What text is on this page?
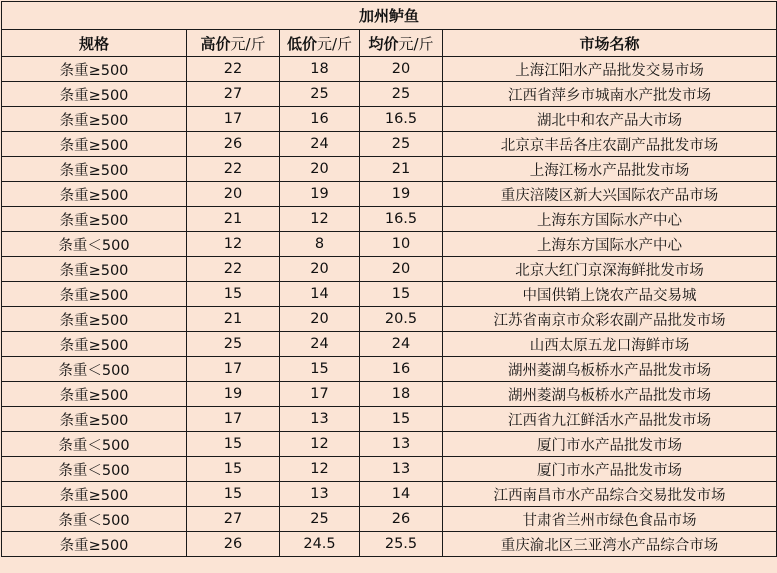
加州鲈鱼				
规格	高价元/斤	低价元/斤	均价元/斤	市场名称
条重≥500	22	18	20	上海江阳水产品批发交易市场
条重≥500	27	25	25	江西省萍乡市城南水产批发市场
条重≥500	17	16	16.5	湖北中和农产品大市场
条重≥500	26	24	25	北京京丰岳各庄农副产品批发市场
条重≥500	22	20	21	上海江杨水产品批发市场
条重≥500	20	19	19	重庆涪陵区新大兴国际农产品市场
条重≥500	21	12	16.5	上海东方国际水产中心
条重＜500	12	8	10	上海东方国际水产中心
条重≥500	22	20	20	北京大红门京深海鲜批发市场
条重≥500	15	14	15	中国供销上饶农产品交易城
条重≥500	21	20	20.5	江苏省南京市众彩农副产品批发市场
条重≥500	25	24	24	山西太原五龙口海鲜市场
条重＜500	17	15	16	湖州菱湖乌板桥水产品批发市场
条重≥500	19	17	18	湖州菱湖乌板桥水产品批发市场
条重≥500	17	13	15	江西省九江鲜活水产品批发市场
条重＜500	15	12	13	厦门市水产品批发市场
条重＜500	15	12	13	厦门市水产品批发市场
条重≥500	15	13	14	江西南昌市水产品综合交易批发市场
条重＜500	27	25	26	甘肃省兰州市绿色食品市场
条重≥500	26	24.5	25.5	重庆渝北区三亚湾水产品综合市场
